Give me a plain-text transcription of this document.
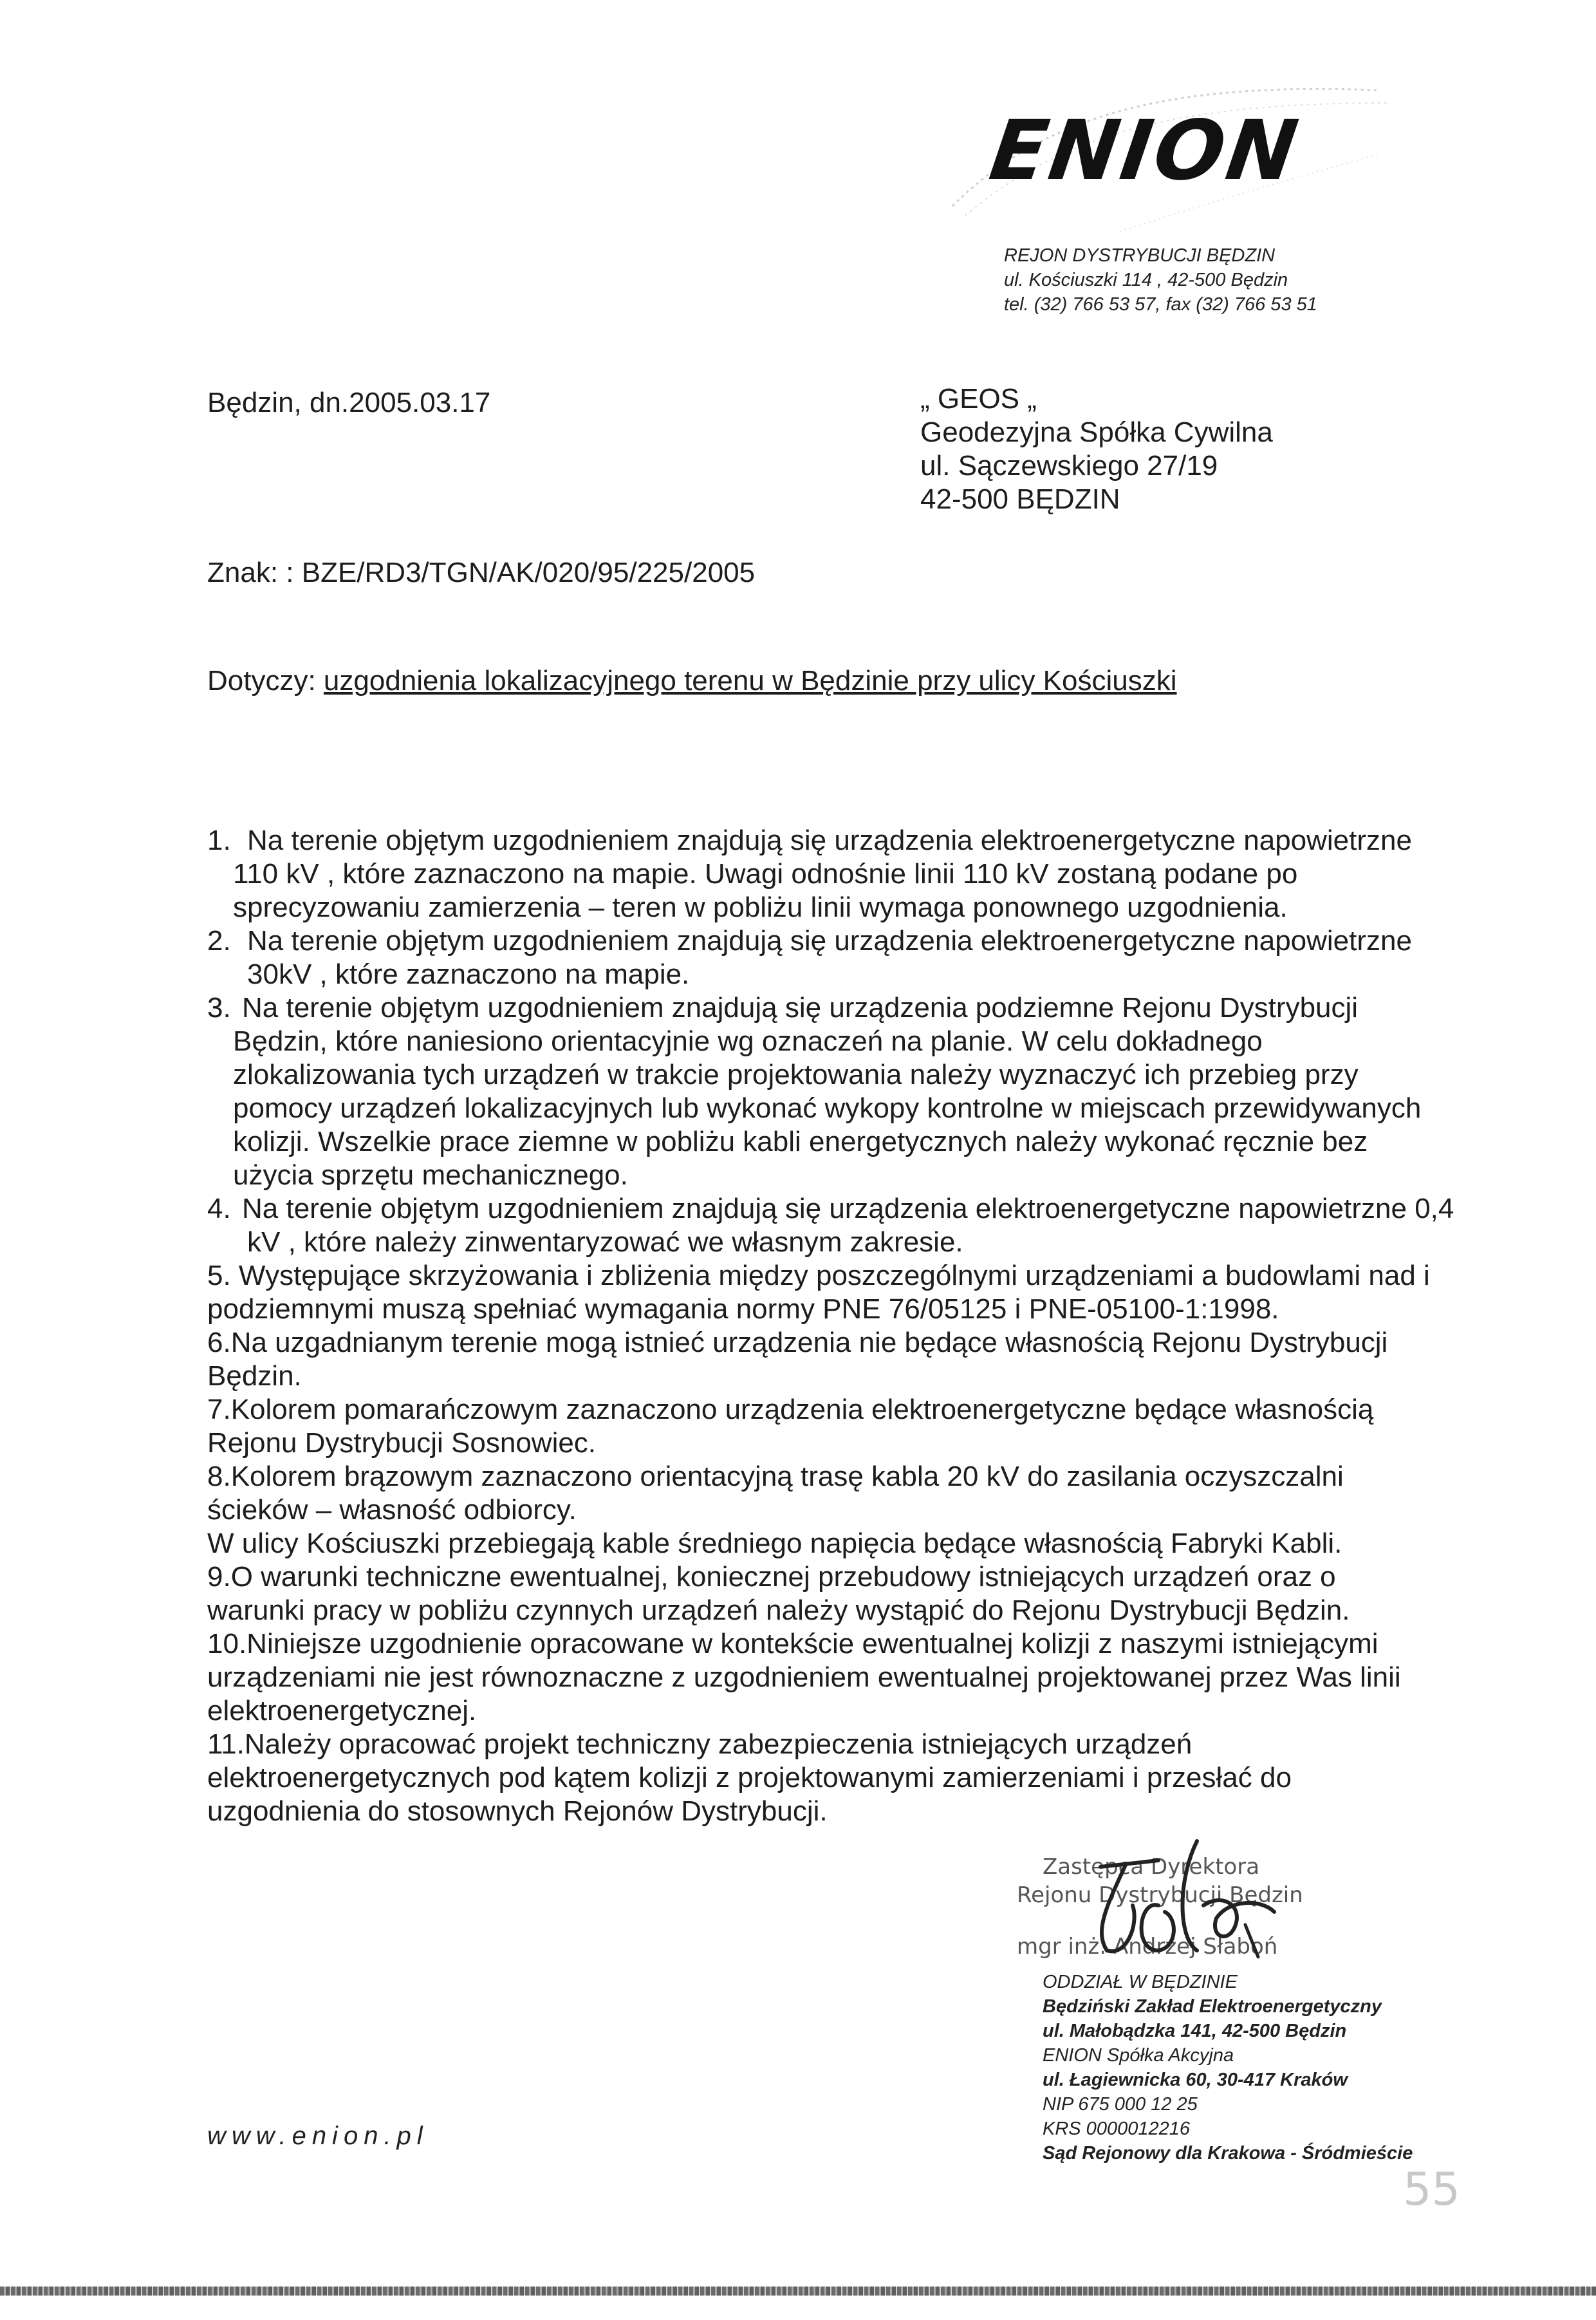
ENION
REJON DYSTRYBUCJI BĘDZIN
ul. Kościuszki 114 , 42-500 Będzin
tel. (32) 766 53 57, fax (32) 766 53 51
Będzin, dn.2005.03.17	„ GEOS „
Geodezyjna Spółka Cywilna
ul. Sączewskiego 27/19
42-500 BĘDZIN
Znak: : BZE/RD3/TGN/AK/020/95/225/2005
Dotyczy: uzgodnienia lokalizacyjnego terenu w Będzinie przy ulicy Kościuszki
1. Na terenie objętym uzgodnieniem znajdują się urządzenia elektroenergetyczne napowietrzne
110 kV , które zaznaczono na mapie. Uwagi odnośnie linii 110 kV zostaną podane po
sprecyzowaniu zamierzenia – teren w pobliżu linii wymaga ponownego uzgodnienia.
2. Na terenie objętym uzgodnieniem znajdują się urządzenia elektroenergetyczne napowietrzne
30kV , które zaznaczono na mapie.
3. Na terenie objętym uzgodnieniem znajdują się urządzenia podziemne Rejonu Dystrybucji
Będzin, które naniesiono orientacyjnie wg oznaczeń na planie. W celu dokładnego
zlokalizowania tych urządzeń w trakcie projektowania należy wyznaczyć ich przebieg przy
pomocy urządzeń lokalizacyjnych lub wykonać wykopy kontrolne w miejscach przewidywanych
kolizji. Wszelkie prace ziemne w pobliżu kabli energetycznych należy wykonać ręcznie bez
użycia sprzętu mechanicznego.
4. Na terenie objętym uzgodnieniem znajdują się urządzenia elektroenergetyczne napowietrzne 0,4
kV , które należy zinwentaryzować we własnym zakresie.
5. Występujące skrzyżowania i zbliżenia między poszczególnymi urządzeniami a budowlami nad i
podziemnymi muszą spełniać wymagania normy PNE 76/05125 i PNE-05100-1:1998.
6.Na uzgadnianym terenie mogą istnieć urządzenia nie będące własnością Rejonu Dystrybucji
Będzin.
7.Kolorem pomarańczowym zaznaczono urządzenia elektroenergetyczne będące własnością
Rejonu Dystrybucji Sosnowiec.
8.Kolorem brązowym zaznaczono orientacyjną trasę kabla 20 kV do zasilania oczyszczalni
ścieków – własność odbiorcy.
W ulicy Kościuszki przebiegają kable średniego napięcia będące własnością Fabryki Kabli.
9.O warunki techniczne ewentualnej, koniecznej przebudowy istniejących urządzeń oraz o
warunki pracy w pobliżu czynnych urządzeń należy wystąpić do Rejonu Dystrybucji Będzin.
10.Niniejsze uzgodnienie opracowane w kontekście ewentualnej kolizji z naszymi istniejącymi
urządzeniami nie jest równoznaczne z uzgodnieniem ewentualnej projektowanej przez Was linii
elektroenergetycznej.
11.Należy opracować projekt techniczny zabezpieczenia istniejących urządzeń
elektroenergetycznych pod kątem kolizji z projektowanymi zamierzeniami i przesłać do
uzgodnienia do stosownych Rejonów Dystrybucji.
Zastępca Dyrektora
Rejonu Dystrybucji Będzin
mgr inż. Andrzej Słaboń
ODDZIAŁ W BĘDZINIE
Będziński Zakład Elektroenergetyczny
ul. Małobądzka 141, 42-500 Będzin
ENION Spółka Akcyjna
ul. Łagiewnicka 60, 30-417 Kraków
NIP 675 000 12 25
KRS 0000012216
Sąd Rejonowy dla Krakowa - Śródmieście
www.enion.pl
55
